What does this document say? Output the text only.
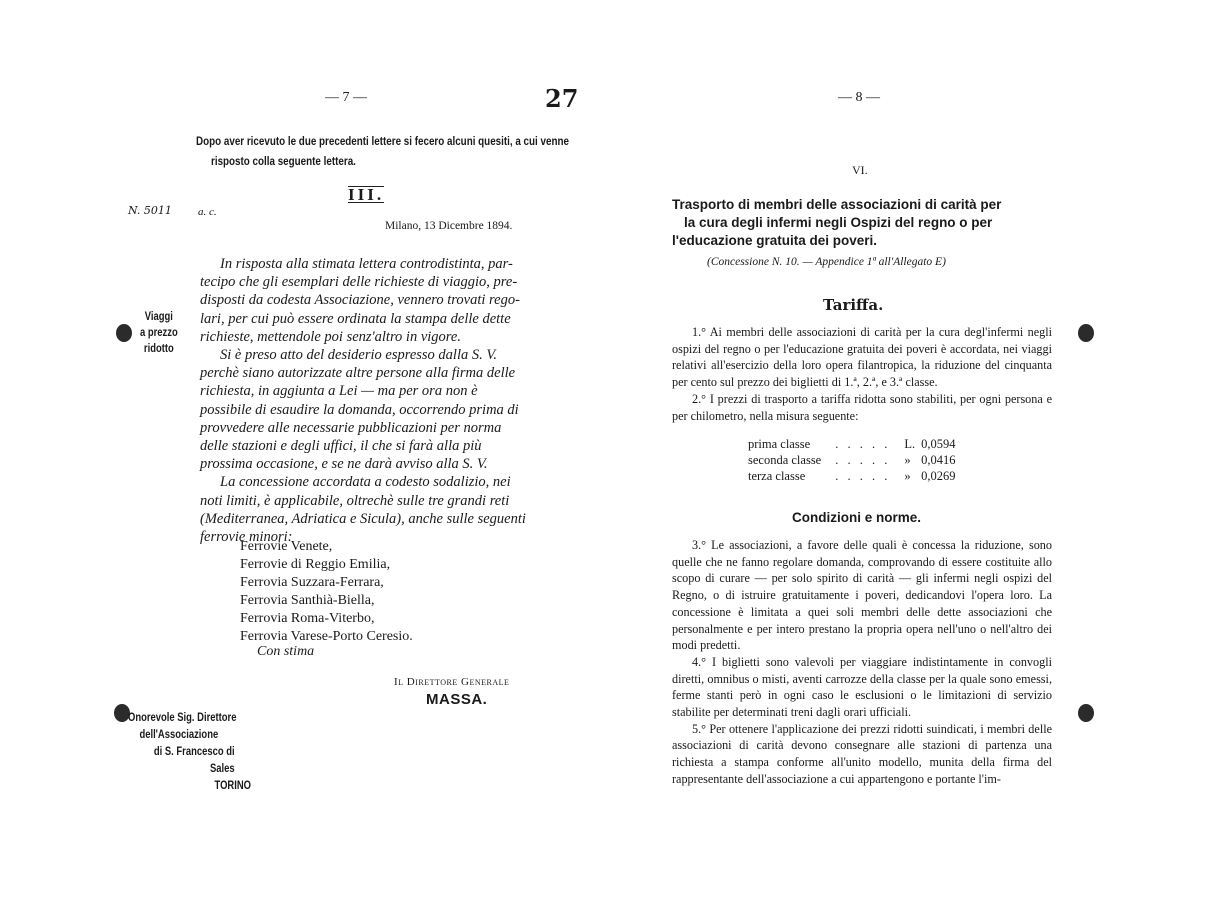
— 7 —	27
Dopo aver ricevuto le due precedenti lettere si fecero alcuni quesiti, a cui venne
risposto colla seguente lettera.
III.
N. 5011 a. c.
Milano, 13 Dicembre 1894.
Viaggi
a prezzo
ridotto

In risposta alla stimata lettera controdistinta, par-

tecipo che gli esemplari delle richieste di viaggio, pre-

disposti da codesta Associazione, vennero trovati rego-

lari, per cui può essere ordinata la stampa delle dette

richieste, mettendole poi senz'altro in vigore.

Si è preso atto del desiderio espresso dalla S. V.

perchè siano autorizzate altre persone alla firma delle

richiesta, in aggiunta a Lei — ma per ora non è

possibile di esaudire la domanda, occorrendo prima di

provvedere alle necessarie pubblicazioni per norma

delle stazioni e degli uffici, il che si farà alla più

prossima occasione, e se ne darà avviso alla S. V.

La concessione accordata a codesto sodalizio, nei

noti limiti, è applicabile, oltrechè sulle tre grandi reti

(Mediterranea, Adriatica e Sicula), anche sulle seguenti

ferrovie minori:

Ferrovie Venete,
Ferrovie di Reggio Emilia,
Ferrovia Suzzara-Ferrara,
Ferrovia Santhià-Biella,
Ferrovia Roma-Viterbo,
Ferrovia Varese-Porto Ceresio.
Con stima
Il Direttore Generale
MASSA.
Onorevole Sig. Direttore
dell'Associazione
di S. Francesco di Sales
TORINO
— 8 —
VI.
Trasporto di membri delle associazioni di carità per
la cura degli infermi negli Ospizi del regno o per
l'educazione gratuita dei poveri.
(Concessione N. 10. — Appendice 1ª all'Allegato E)
Tariffa.

1.° Ai membri delle associazioni di carità per la cura degl'infermi negli ospizi del regno o per l'educazione gratuita dei poveri è accordata, nei viaggi relativi all'esercizio della loro opera filantropica, la riduzione del cinquanta per cento sul prezzo dei biglietti di 1.ª, 2.ª, e 3.ª classe.

2.° I prezzi di trasporto a tariffa ridotta sono stabiliti, per ogni persona e per chilometro, nella misura seguente:

prima classe	. . . . .	L.	0,0594
seconda classe	. . . . .	»	0,0416
terza classe	. . . . .	»	0,0269
Condizioni e norme.

3.° Le associazioni, a favore delle quali è concessa la riduzione, sono quelle che ne fanno regolare domanda, comprovando di essere costituite allo scopo di curare — per solo spirito di carità — gli infermi negli ospizi del Regno, o di istruire gratuitamente i poveri, dedicandovi l'opera loro. La concessione è limitata a quei soli membri delle dette associazioni che personalmente e per intero prestano la propria opera nell'uno o nell'altro dei modi predetti.

4.° I biglietti sono valevoli per viaggiare indistintamente in convogli diretti, omnibus o misti, aventi carrozze della classe per la quale sono emessi, ferme stanti però in ogni caso le esclusioni o le limitazioni di servizio stabilite per determinati treni dagli orari ufficiali.

5.° Per ottenere l'applicazione dei prezzi ridotti suindicati, i membri delle associazioni di carità devono consegnare alle stazioni di partenza una richiesta a stampa conforme all'unito modello, munita della firma del rappresentante dell'associazione a cui appartengono e portante l'im-
